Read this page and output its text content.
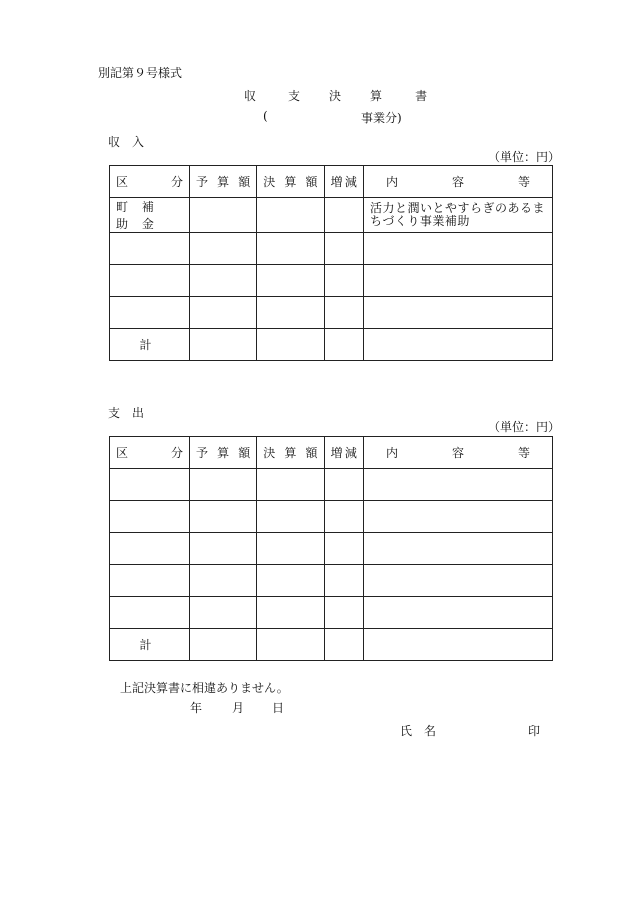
別記第９号様式
収	支 決 算	書
(	事業分)
収　入
（単位：円）
区 分	予 算 額	決 算 額	増 減	内 容 等

町 補 助 金				活力と潤いとやすらぎのあるまちづくり事業補助

計				
支　出
（単位：円）
区 分	予 算 額	決 算 額	増 減	内 容 等

計				
上記決算書に相違ありません。
年	月 日
氏　名	印
